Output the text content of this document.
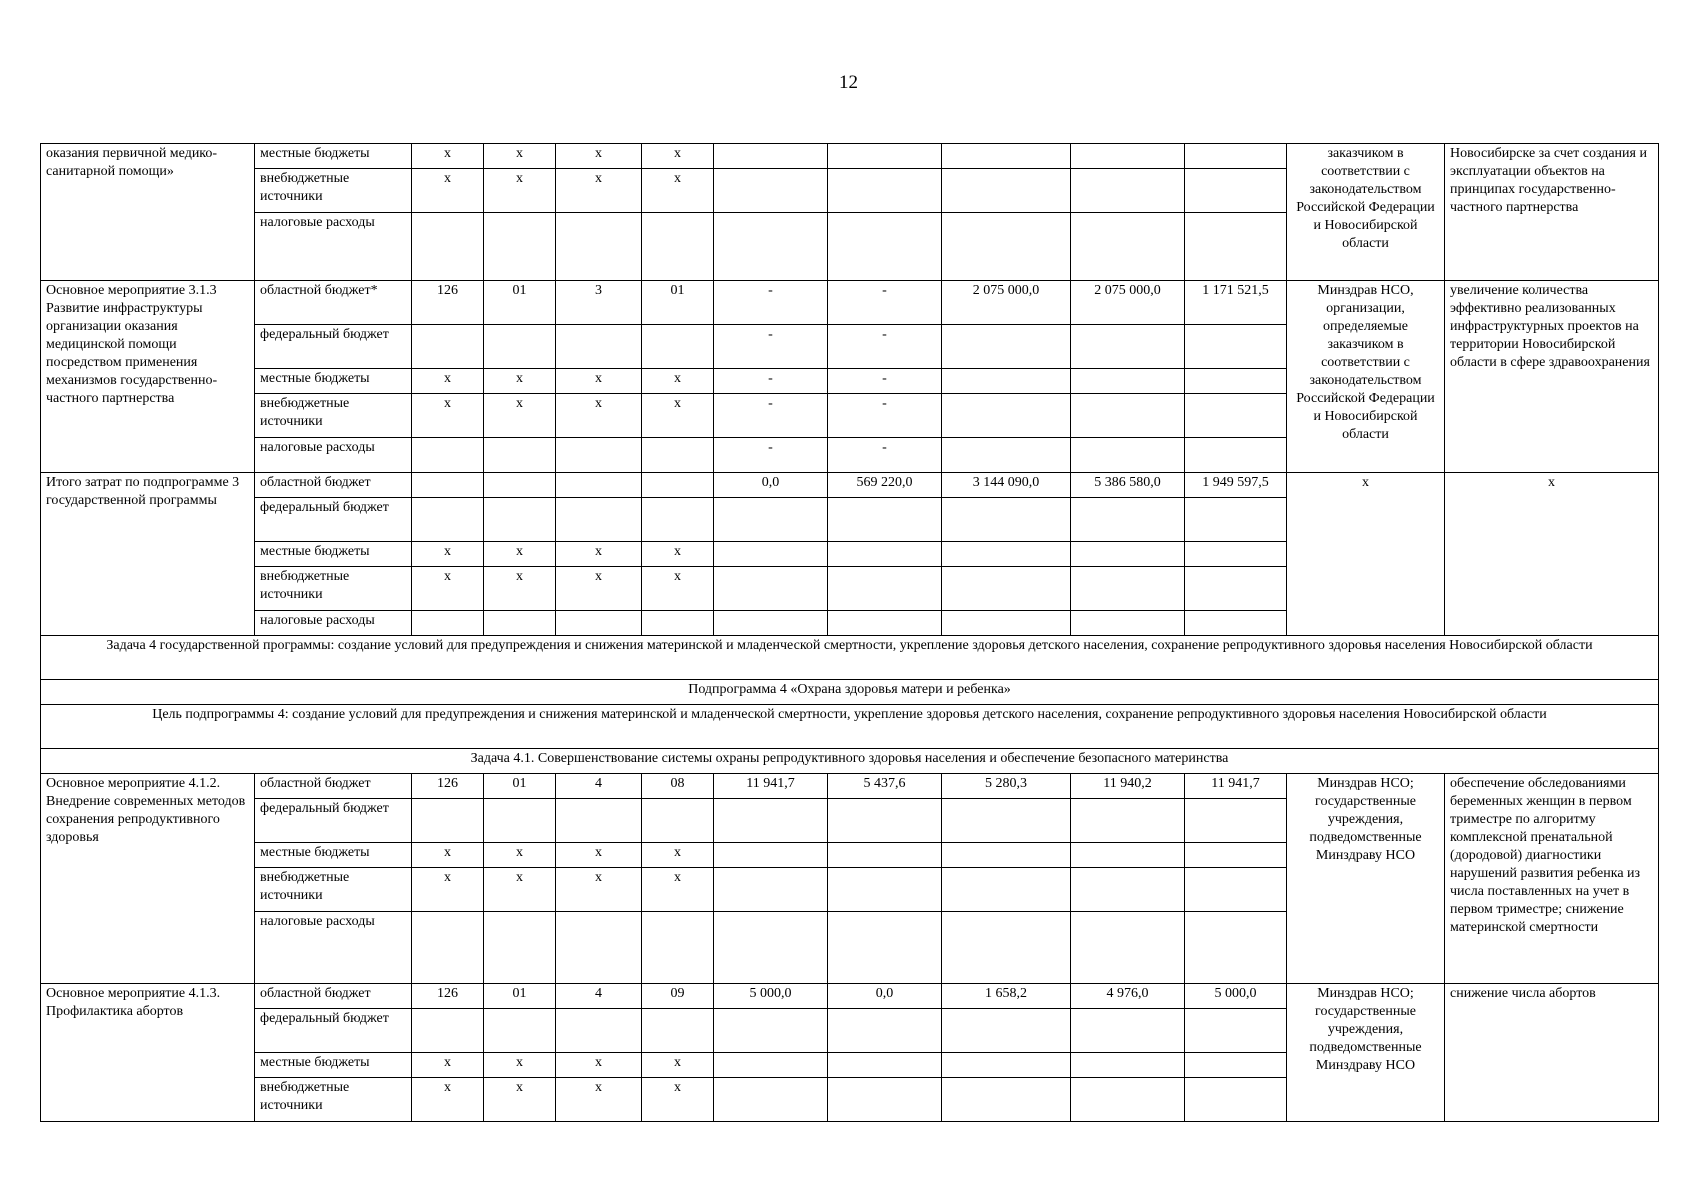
12
оказания первичной медико-санитарной помощи»	местные бюджеты	х	х	х	х						заказчиком в соответствии с законодательством Российской Федерации и Новосибирской области	Новосибирске за счет создания и эксплуатации объектов на принципах государственно-частного партнерства
	внебюджетные источники	х	х	х	х							
	налоговые расходы											
Основное мероприятие 3.1.3 Развитие инфраструктуры организации оказания медицинской помощи посредством применения механизмов государственно-частного партнерства	областной бюджет*	126	01	3	01	-	-	2 075 000,0	2 075 000,0	1 171 521,5	Минздрав НСО, организации, определяемые заказчиком в соответствии с законодательством Российской Федерации и Новосибирской области	увеличение количества эффективно реализованных инфраструктурных проектов на территории Новосибирской области в сфере здравоохранения
	федеральный бюджет					-	-					
	местные бюджеты	х	х	х	х	-	-					
	внебюджетные источники	х	х	х	х	-	-					
	налоговые расходы					-	-					
Итого затрат по подпрограмме 3 государственной программы	областной бюджет					0,0	569 220,0	3 144 090,0	5 386 580,0	1 949 597,5	х	х
	федеральный бюджет											
	местные бюджеты	х	х	х	х							
	внебюджетные источники	х	х	х	х							
	налоговые расходы											
Задача 4 государственной программы: создание условий для предупреждения и снижения материнской и младенческой смертности, укрепление здоровья детского населения, сохранение репродуктивного здоровья населения Новосибирской области												
Подпрограмма 4 «Охрана здоровья матери и ребенка»												
Цель подпрограммы 4: создание условий для предупреждения и снижения материнской и младенческой смертности, укрепление здоровья детского населения, сохранение репродуктивного здоровья населения Новосибирской области												
Задача 4.1. Совершенствование системы охраны репродуктивного здоровья населения и обеспечение безопасного материнства												
Основное мероприятие 4.1.2. Внедрение современных методов сохранения репродуктивного здоровья	областной бюджет	126	01	4	08	11 941,7	5 437,6	5 280,3	11 940,2	11 941,7	Минздрав НСО; государственные учреждения, подведомственные Минздраву НСО	обеспечение обследованиями беременных женщин в первом триместре по алгоритму комплексной пренатальной (дородовой) диагностики нарушений развития ребенка из числа поставленных на учет в первом триместре; снижение материнской смертности
	федеральный бюджет											
	местные бюджеты	х	х	х	х							
	внебюджетные источники	х	х	х	х							
	налоговые расходы											
Основное мероприятие 4.1.3. Профилактика абортов	областной бюджет	126	01	4	09	5 000,0	0,0	1 658,2	4 976,0	5 000,0	Минздрав НСО; государственные учреждения, подведомственные Минздраву НСО	снижение числа абортов
	федеральный бюджет											
	местные бюджеты	х	х	х	х							
	внебюджетные источники	х	х	х	х							
